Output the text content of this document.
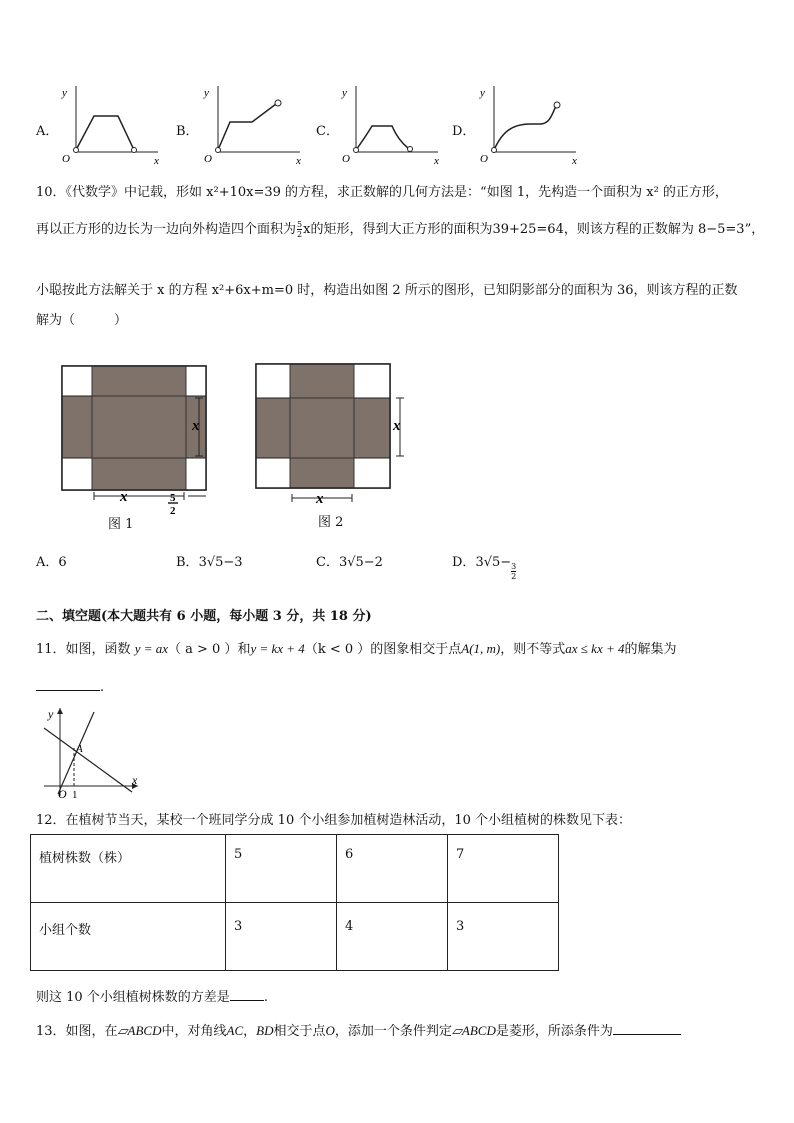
A．	B．	C．	D．
y
x
O
y
x
O
y
x
O
y
x
O
10．《代数学》中记载，形如 x²+10x=39 的方程，求正数解的几何方法是：“如图 1，先构造一个面积为 x² 的正方形，
再以正方形的边长为一边向外构造四个面积为 $\frac{5}{2}$ x的矩形，得到大正方形的面积为39+25=64，则该方程的正数解为 8−5=3”，
小聪按此方法解关于 x 的方程 x²+6x+m=0 时，构造出如图 2 所示的图形，已知阴影部分的面积为 36，则该方程的正数
解为（　　　）
x
x	5
2
图 1
x
x
图 2
A．6	B．3√5−3	C．3√5−2	D．$3√5- \frac{3}{2}$
二、填空题(本大题共有 6 小题，每小题 3 分，共 18 分)
11．如图，函数 y = ax（ a > 0 ）和y = kx + 4（k < 0 ）的图象相交于点A(1, m)，则不等式ax ≤ kx + 4的解集为
.
y
x
A
O 1
12．在植树节当天，某校一个班同学分成 10 个小组参加植树造林活动，10 个小组植树的株数见下表：
植树株数（株）	5	6	7
小组个数	3	4	3
则这 10 个小组植树株数的方差是	.
13．如图，在▱ABCD中，对角线AC，BD相交于点O，添加一个条件判定▱ABCD是菱形，所添条件为
